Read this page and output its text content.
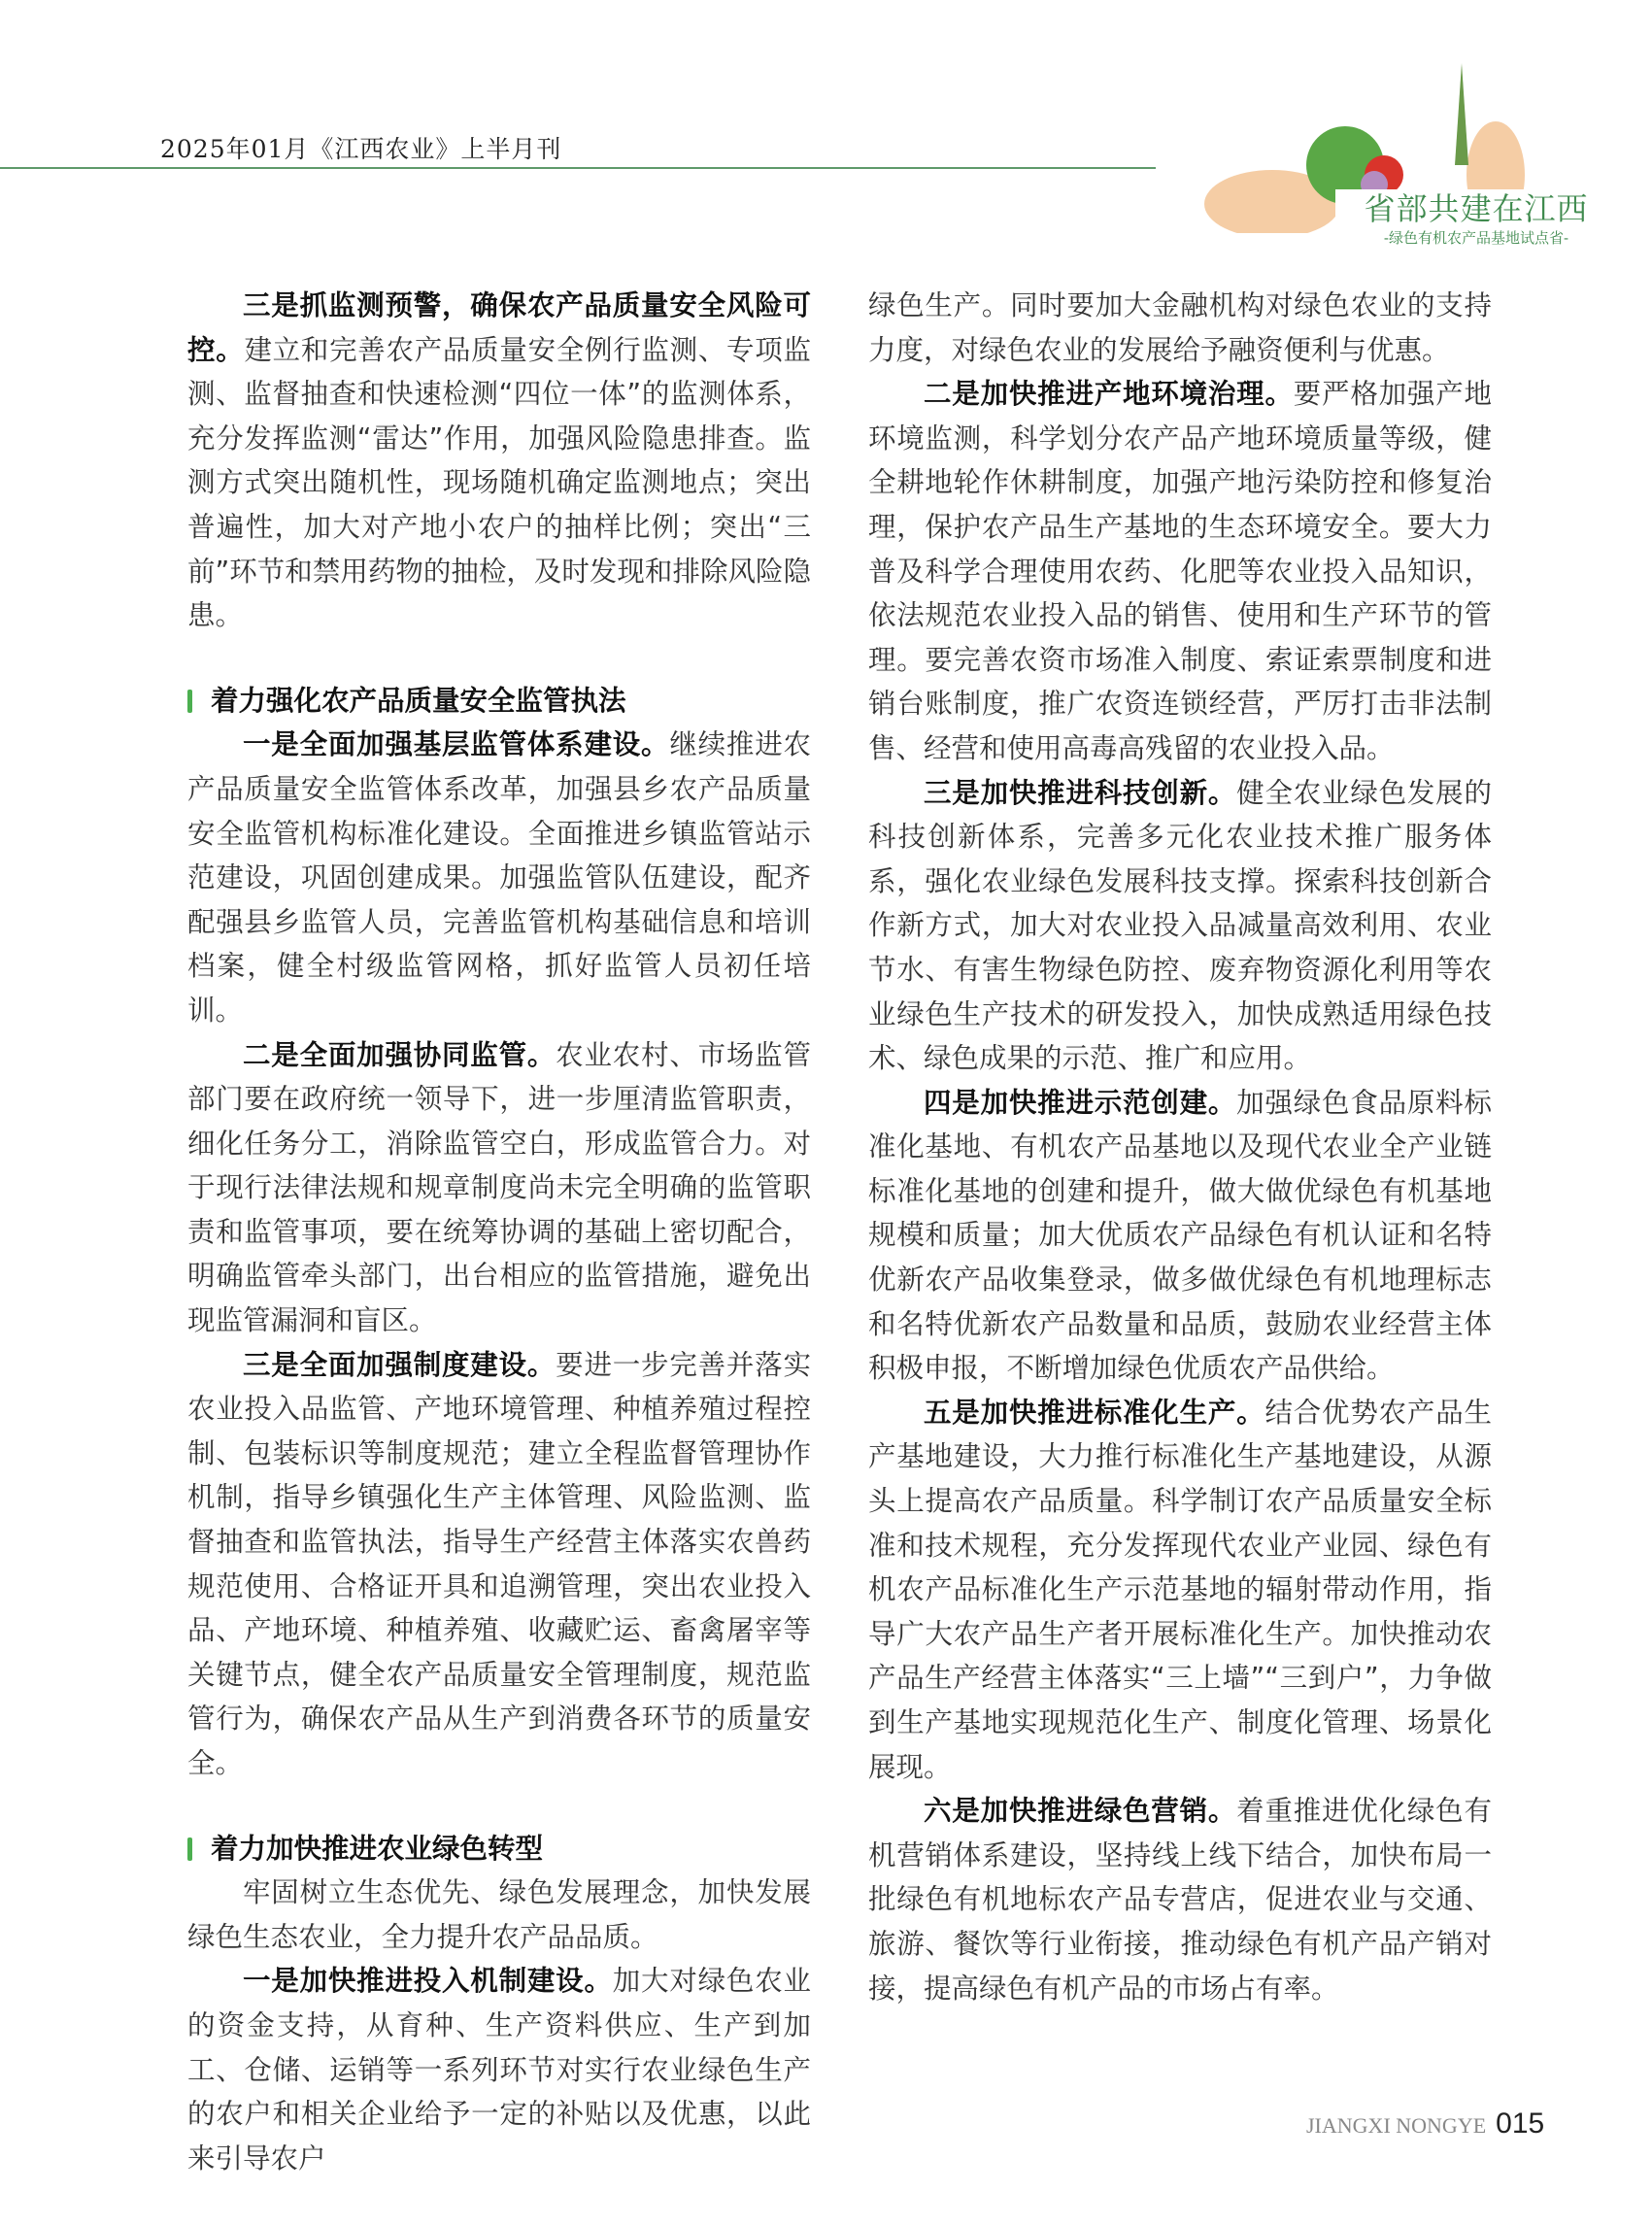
2025年01月《江西农业》上半月刊
省部共建在江西
-绿色有机农产品基地试点省-

三是抓监测预警，确保农产品质量安全风险可控。建立和完善农产品质量安全例行监测、专项监测、监督抽查和快速检测“四位一体”的监测体系，充分发挥监测“雷达”作用，加强风险隐患排查。监测方式突出随机性，现场随机确定监测地点；突出普遍性，加大对产地小农户的抽样比例；突出“三前”环节和禁用药物的抽检，及时发现和排除风险隐患。

着力强化农产品质量安全监管执法

一是全面加强基层监管体系建设。继续推进农产品质量安全监管体系改革，加强县乡农产品质量安全监管机构标准化建设。全面推进乡镇监管站示范建设，巩固创建成果。加强监管队伍建设，配齐配强县乡监管人员，完善监管机构基础信息和培训档案，健全村级监管网格，抓好监管人员初任培训。

二是全面加强协同监管。农业农村、市场监管部门要在政府统一领导下，进一步厘清监管职责，细化任务分工，消除监管空白，形成监管合力。对于现行法律法规和规章制度尚未完全明确的监管职责和监管事项，要在统筹协调的基础上密切配合，明确监管牵头部门，出台相应的监管措施，避免出现监管漏洞和盲区。

三是全面加强制度建设。要进一步完善并落实农业投入品监管、产地环境管理、种植养殖过程控制、包装标识等制度规范；建立全程监督管理协作机制，指导乡镇强化生产主体管理、风险监测、监督抽查和监管执法，指导生产经营主体落实农兽药规范使用、合格证开具和追溯管理，突出农业投入品、产地环境、种植养殖、收藏贮运、畜禽屠宰等关键节点，健全农产品质量安全管理制度，规范监管行为，确保农产品从生产到消费各环节的质量安全。

着力加快推进农业绿色转型

牢固树立生态优先、绿色发展理念，加快发展绿色生态农业，全力提升农产品品质。

一是加快推进投入机制建设。加大对绿色农业的资金支持，从育种、生产资料供应、生产到加工、仓储、运销等一系列环节对实行农业绿色生产的农户和相关企业给予一定的补贴以及优惠，以此来引导农户

绿色生产。同时要加大金融机构对绿色农业的支持力度，对绿色农业的发展给予融资便利与优惠。

二是加快推进产地环境治理。要严格加强产地环境监测，科学划分农产品产地环境质量等级，健全耕地轮作休耕制度，加强产地污染防控和修复治理，保护农产品生产基地的生态环境安全。要大力普及科学合理使用农药、化肥等农业投入品知识，依法规范农业投入品的销售、使用和生产环节的管理。要完善农资市场准入制度、索证索票制度和进销台账制度，推广农资连锁经营，严厉打击非法制售、经营和使用高毒高残留的农业投入品。

三是加快推进科技创新。健全农业绿色发展的科技创新体系，完善多元化农业技术推广服务体系，强化农业绿色发展科技支撑。探索科技创新合作新方式，加大对农业投入品减量高效利用、农业节水、有害生物绿色防控、废弃物资源化利用等农业绿色生产技术的研发投入，加快成熟适用绿色技术、绿色成果的示范、推广和应用。

四是加快推进示范创建。加强绿色食品原料标准化基地、有机农产品基地以及现代农业全产业链标准化基地的创建和提升，做大做优绿色有机基地规模和质量；加大优质农产品绿色有机认证和名特优新农产品收集登录，做多做优绿色有机地理标志和名特优新农产品数量和品质，鼓励农业经营主体积极申报，不断增加绿色优质农产品供给。

五是加快推进标准化生产。结合优势农产品生产基地建设，大力推行标准化生产基地建设，从源头上提高农产品质量。科学制订农产品质量安全标准和技术规程，充分发挥现代农业产业园、绿色有机农产品标准化生产示范基地的辐射带动作用，指导广大农产品生产者开展标准化生产。加快推动农产品生产经营主体落实“三上墙”“三到户”，力争做到生产基地实现规范化生产、制度化管理、场景化展现。

六是加快推进绿色营销。着重推进优化绿色有机营销体系建设，坚持线上线下结合，加快布局一批绿色有机地标农产品专营店，促进农业与交通、旅游、餐饮等行业衔接，推动绿色有机产品产销对接，提高绿色有机产品的市场占有率。

JIANGXI NONGYE 015
